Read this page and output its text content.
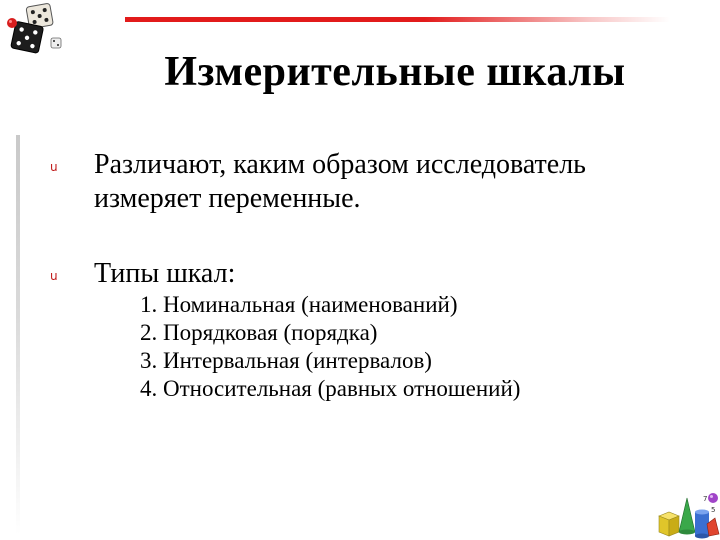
Измерительные шкалы
u	Различают, каким образом исследователь
измеряет переменные.
u	Типы шкал:
1. Номинальная (наименований)
2. Порядковая (порядка)
3. Интервальная (интервалов)
4. Относительная (равных отношений)
7
5
